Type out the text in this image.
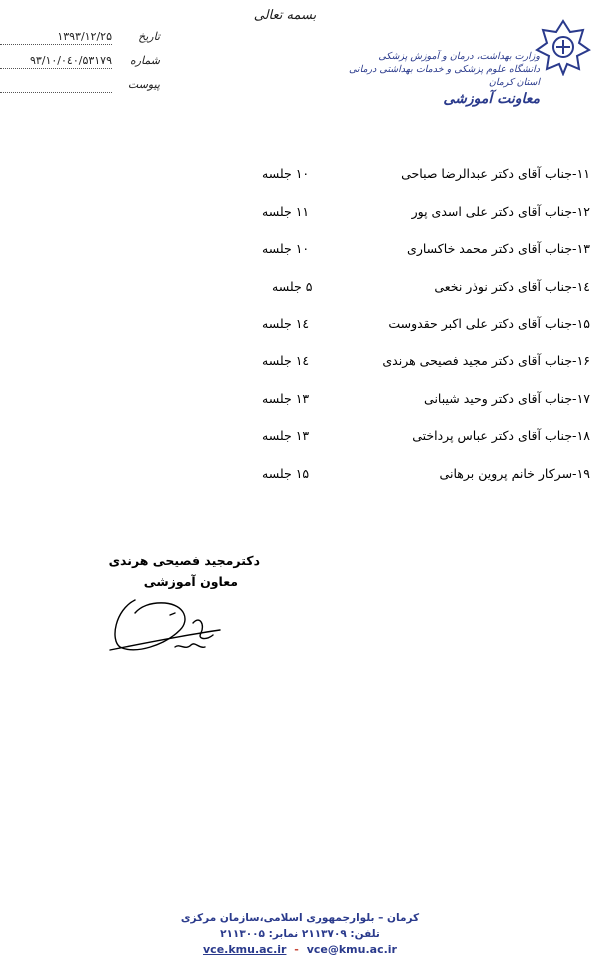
بسمه تعالی
۱۳۹۳/۱۲/۲۵ تاریخ
۹۳/۱۰/۰٤۰/۵۳۱۷۹ شماره

پیوست
وزارت بهداشت، درمان و آموزش پزشکی
دانشگاه علوم پزشکی و خدمات بهداشتی درمانی استان کرمان
معاونت آموزشی
۱۱-جناب آقای دکتر عبدالرضا صباحی
۱۰ جلسه
۱۲-جناب آقای دکتر علی اسدی پور
۱۱ جلسه
۱۳-جناب آقای دکتر محمد خاکساری
۱۰ جلسه
۱٤-جناب آقای دکتر نوذر نخعی
۵ جلسه
۱۵-جناب آقای دکتر علی اکبر حقدوست
۱٤ جلسه
۱۶-جناب آقای دکتر مجید فصیحی هرندی
۱٤ جلسه
۱۷-جناب آقای دکتر وحید شیبانی
۱۳ جلسه
۱۸-جناب آقای دکتر عباس پرداختی
۱۳ جلسه
۱۹-سرکار خانم پروین برهانی
۱۵ جلسه
دکترمجید فصیحی هرندی
معاون آموزشی
کرمان – بلوارجمهوری اسلامی،سازمان مرکزی
تلفن: ۲۱۱۳۷۰۹ نمابر: ۲۱۱۳۰۰۵
vce.kmu.ac.ir - vce@kmu.ac.ir
